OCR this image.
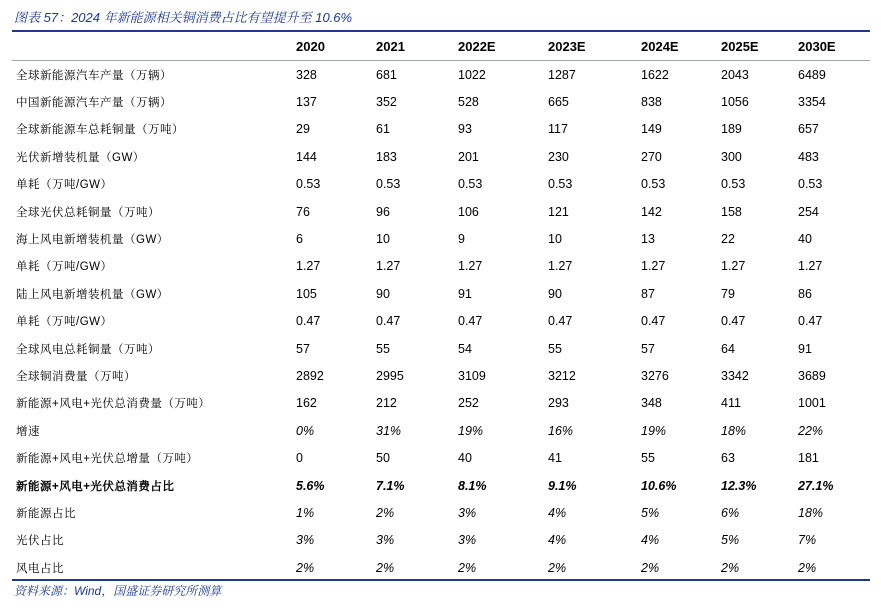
图表 57：2024 年新能源相关铜消费占比有望提升至 10.6%
	2020	2021	2022E	2023E	2024E	2025E	2030E
全球新能源汽车产量（万辆）	328	681	1022	1287	1622	2043	6489
中国新能源汽车产量（万辆）	137	352	528	665	838	1056	3354
全球新能源车总耗铜量（万吨）	29	61	93	117	149	189	657
光伏新增装机量（GW）	144	183	201	230	270	300	483
单耗（万吨/GW）	0.53	0.53	0.53	0.53	0.53	0.53	0.53
全球光伏总耗铜量（万吨）	76	96	106	121	142	158	254
海上风电新增装机量（GW）	6	10	9	10	13	22	40
单耗（万吨/GW）	1.27	1.27	1.27	1.27	1.27	1.27	1.27
陆上风电新增装机量（GW）	105	90	91	90	87	79	86
单耗（万吨/GW）	0.47	0.47	0.47	0.47	0.47	0.47	0.47
全球风电总耗铜量（万吨）	57	55	54	55	57	64	91
全球铜消费量（万吨）	2892	2995	3109	3212	3276	3342	3689
新能源+风电+光伏总消费量（万吨）	162	212	252	293	348	411	1001
增速	0%	31%	19%	16%	19%	18%	22%
新能源+风电+光伏总增量（万吨）	0	50	40	41	55	63	181
新能源+风电+光伏总消费占比	5.6%	7.1%	8.1%	9.1%	10.6%	12.3%	27.1%
新能源占比	1%	2%	3%	4%	5%	6%	18%
光伏占比	3%	3%	3%	4%	4%	5%	7%
风电占比	2%	2%	2%	2%	2%	2%	2%
资料来源：Wind，国盛证券研究所测算
